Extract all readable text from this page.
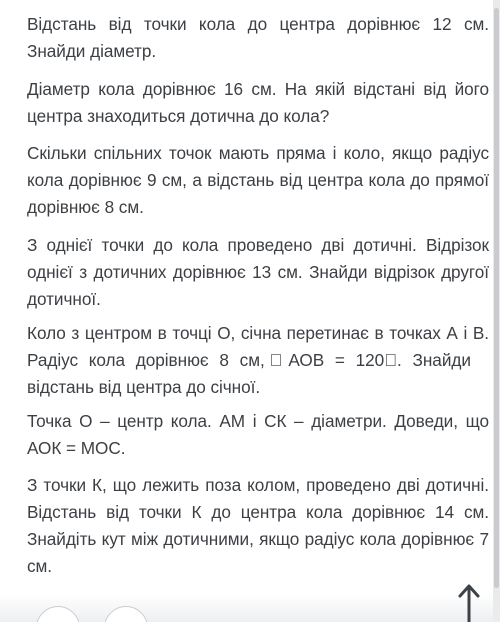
Відстань від точки кола до центра дорівнює 12 см. Знайди діаметр.

Діаметр кола дорівнює 16 см. На якій відстані від його центра знаходиться дотична до кола?

Скільки спільних точок мають пряма і коло, якщо радіус кола дорівнює 9 см, а відстань від центра кола до прямої дорівнює 8 см.

З однієї точки до кола проведено дві дотичні. Відрізок однієї з дотичних дорівнює 13 см. Знайди відрізок другої дотичної.

Коло з центром в точці О, січна перетинає в точках А і В. Радіус кола дорівнює 8 см, ⃞АОВ = 120⃞. Знайди відстань від центра до січної.

Точка О – центр кола. АМ і СК – діаметри. Доведи, що АОК = МОС.

З точки К, що лежить поза колом, проведено дві дотичні. Відстань від точки К до центра кола дорівнює 14 см. Знайдіть кут між дотичними, якщо радіус кола дорівнює 7 см.
